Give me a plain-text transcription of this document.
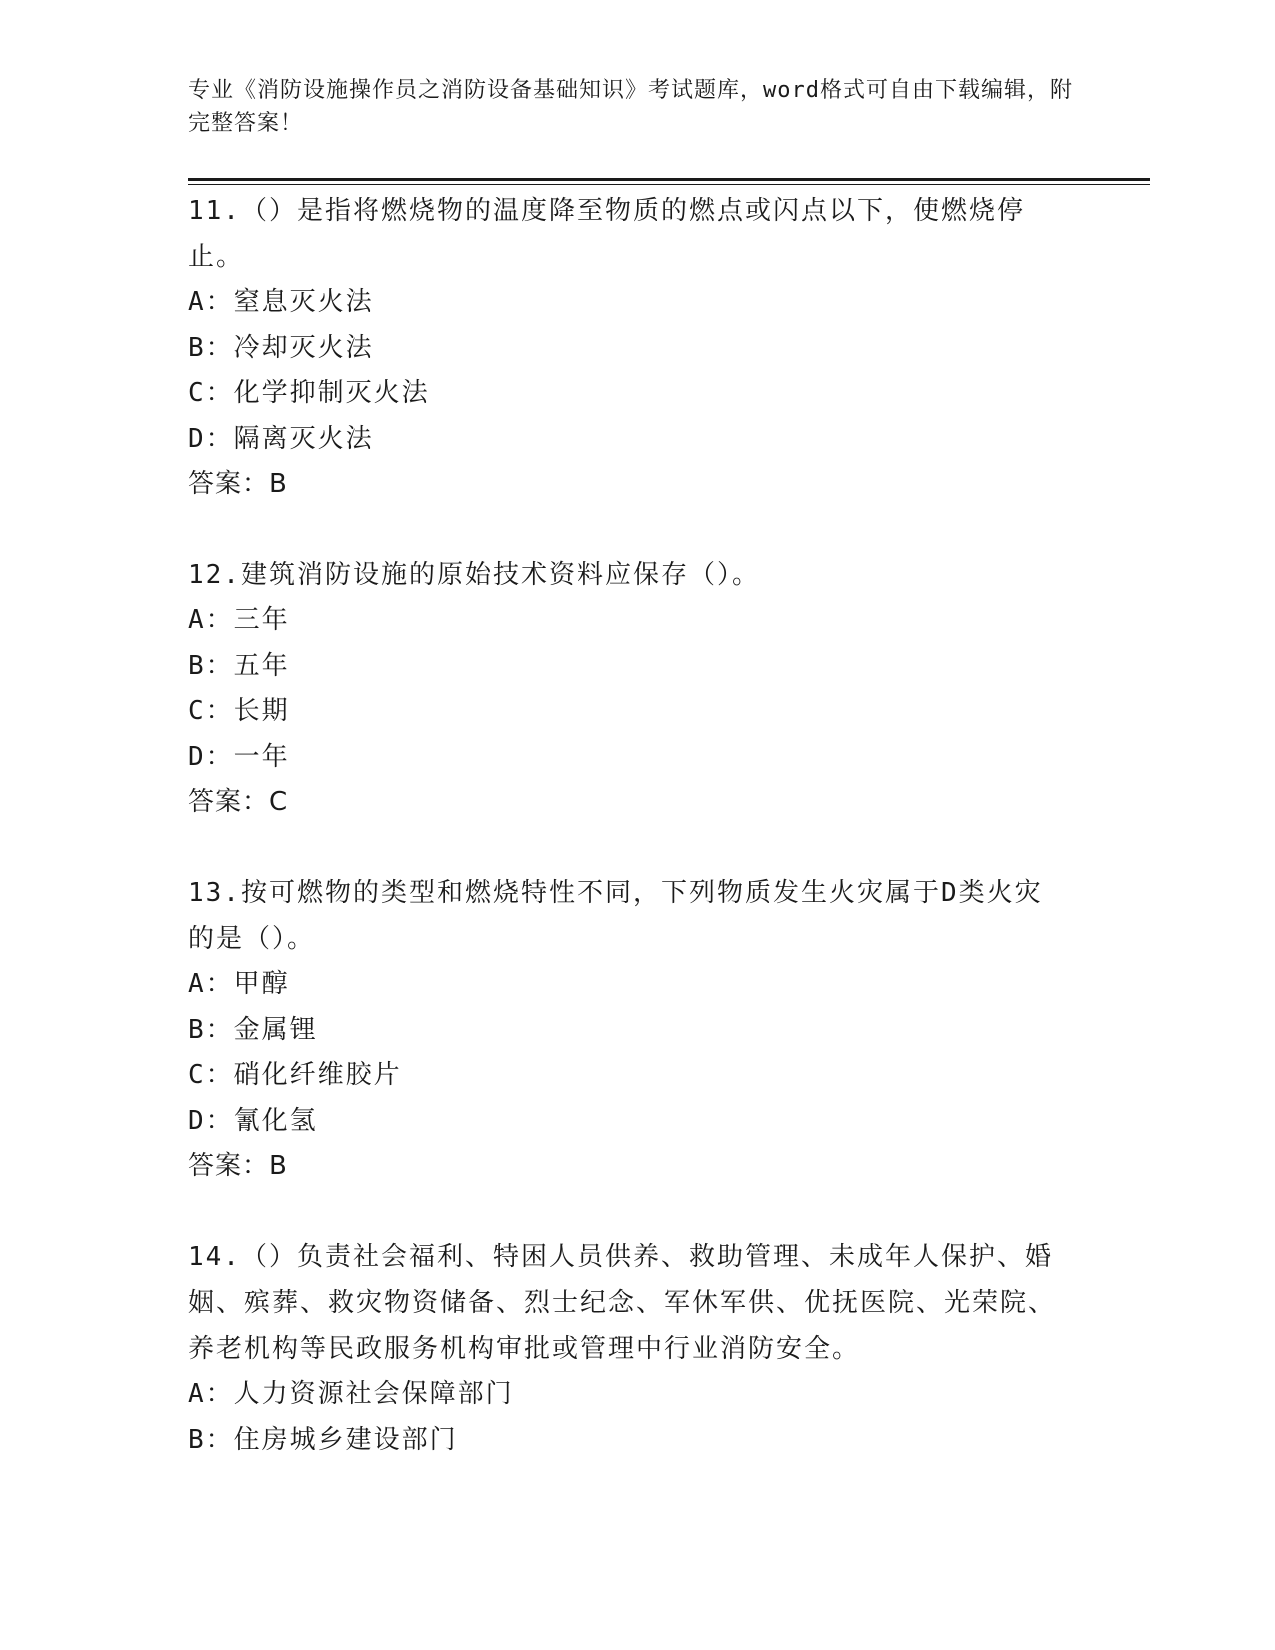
专业《消防设施操作员之消防设备基础知识》考试题库，word格式可自由下载编辑，附完整答案！

11.（）是指将燃烧物的温度降至物质的燃点或闪点以下，使燃烧停止。

A：窒息灭火法

B：冷却灭火法

C：化学抑制灭火法

D：隔离灭火法

答案：B

12.建筑消防设施的原始技术资料应保存（）。

A：三年

B：五年

C：长期

D：一年

答案：C

13.按可燃物的类型和燃烧特性不同，下列物质发生火灾属于D类火灾的是（）。

A：甲醇

B：金属锂

C：硝化纤维胶片

D：氰化氢

答案：B

14.（）负责社会福利、特困人员供养、救助管理、未成年人保护、婚姻、殡葬、救灾物资储备、烈士纪念、军休军供、优抚医院、光荣院、养老机构等民政服务机构审批或管理中行业消防安全。

A：人力资源社会保障部门

B：住房城乡建设部门
